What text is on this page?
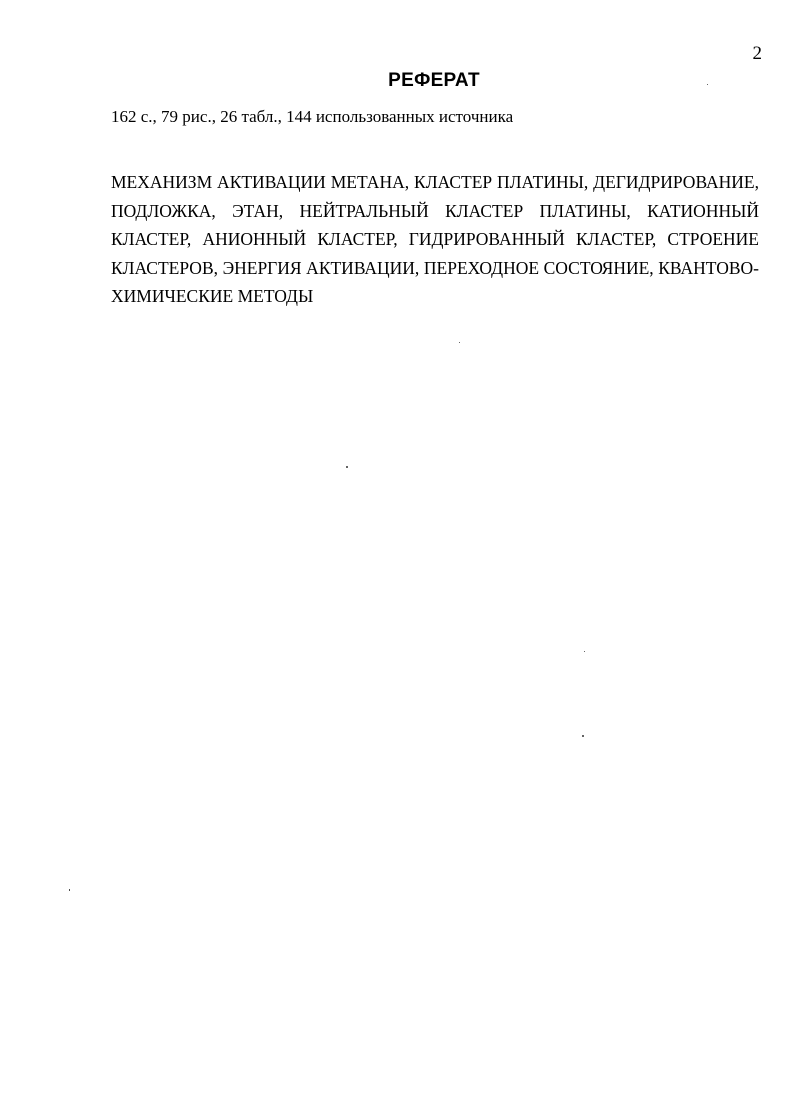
2
РЕФЕРАТ

162 с., 79 рис., 26 табл., 144 использованных источника

МЕХАНИЗМ АКТИВАЦИИ МЕТАНА, КЛАСТЕР ПЛАТИНЫ, ДЕГИДРИРОВАНИЕ, ПОДЛОЖКА, ЭТАН, НЕЙТРАЛЬНЫЙ КЛАСТЕР ПЛАТИНЫ, КАТИОННЫЙ КЛАСТЕР, АНИОННЫЙ КЛАСТЕР, ГИДРИРОВАННЫЙ КЛАСТЕР, СТРОЕНИЕ КЛАСТЕРОВ, ЭНЕРГИЯ АКТИВАЦИИ, ПЕРЕХОДНОЕ СОСТОЯНИЕ, КВАНТОВО-ХИМИЧЕСКИЕ МЕТОДЫ
